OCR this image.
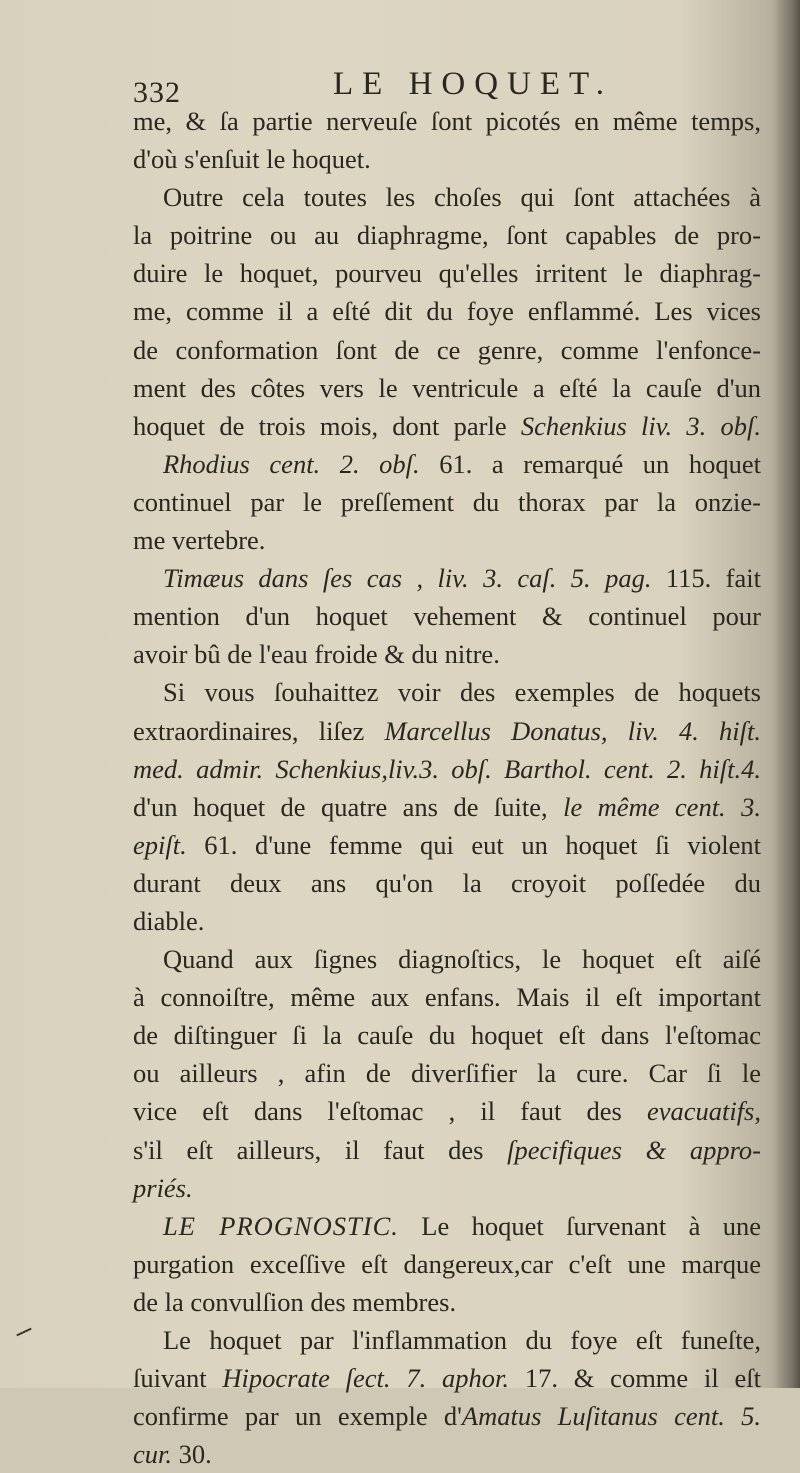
332	LE HOQUET.
me, & ſa partie nerveuſe ſont picotés en même temps,
d'où s'enſuit le hoquet.
Outre cela toutes les choſes qui ſont attachées à
la poitrine ou au diaphragme, ſont capables de pro-
duire le hoquet, pourveu qu'elles irritent le diaphrag-
me, comme il a eſté dit du foye enflammé. Les vices
de conformation ſont de ce genre, comme l'enfonce-
ment des côtes vers le ventricule a eſté la cauſe d'un
hoquet de trois mois, dont parle Schenkius liv. 3. obſ.
Rhodius cent. 2. obſ. 61. a remarqué un hoquet
continuel par le preſſement du thorax par la onzie-
me vertebre.
Timæus dans ſes cas , liv. 3. caſ. 5. pag. 115. fait
mention d'un hoquet vehement & continuel pour
avoir bû de l'eau froide & du nitre.
Si vous ſouhaittez voir des exemples de hoquets
extraordinaires, liſez Marcellus Donatus, liv. 4. hiſt.
med. admir. Schenkius,liv.3. obſ. Barthol. cent. 2. hiſt.4.
d'un hoquet de quatre ans de ſuite, le même cent. 3.
epiſt. 61. d'une femme qui eut un hoquet ſi violent
durant deux ans qu'on la croyoit poſſedée du
diable.
Quand aux ſignes diagnoſtics, le hoquet eſt aiſé
à connoiſtre, même aux enfans. Mais il eſt important
de diſtinguer ſi la cauſe du hoquet eſt dans l'eſtomac
ou ailleurs , afin de diverſifier la cure. Car ſi le
vice eſt dans l'eſtomac , il faut des evacuatifs,
s'il eſt ailleurs, il faut des ſpecifiques & appro-
priés.
LE PROGNOSTIC. Le hoquet ſurvenant à une
purgation exceſſive eſt dangereux,car c'eſt une marque
de la convulſion des membres.
Le hoquet par l'inflammation du foye eſt funeſte,
ſuivant Hipocrate ſect. 7. aphor. 17. & comme il eſt
confirme par un exemple d'Amatus Luſitanus cent. 5.
cur. 30.
